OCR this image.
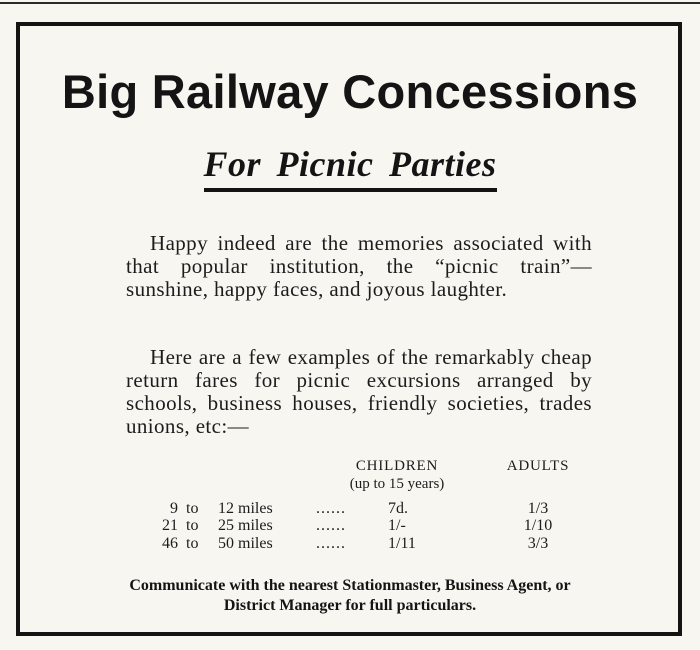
Big Railway Concessions
For Picnic Parties

Happy indeed are the memories associated with that popular institution, the “picnic train”—sunshine, happy faces, and joyous laughter.

Here are a few examples of the remarkably cheap return fares for picnic excursions arranged by schools, business houses, friendly societies, trades unions, etc:—

CHILDREN
(up to 15 years)
ADULTS
9 to	12 miles	......	7d.	1/3
21 to	25 miles	......	1/-	1/10
46 to	50 miles	......	1/11	3/3

Communicate with the nearest Stationmaster, Business Agent, or

District Manager for full particulars.
